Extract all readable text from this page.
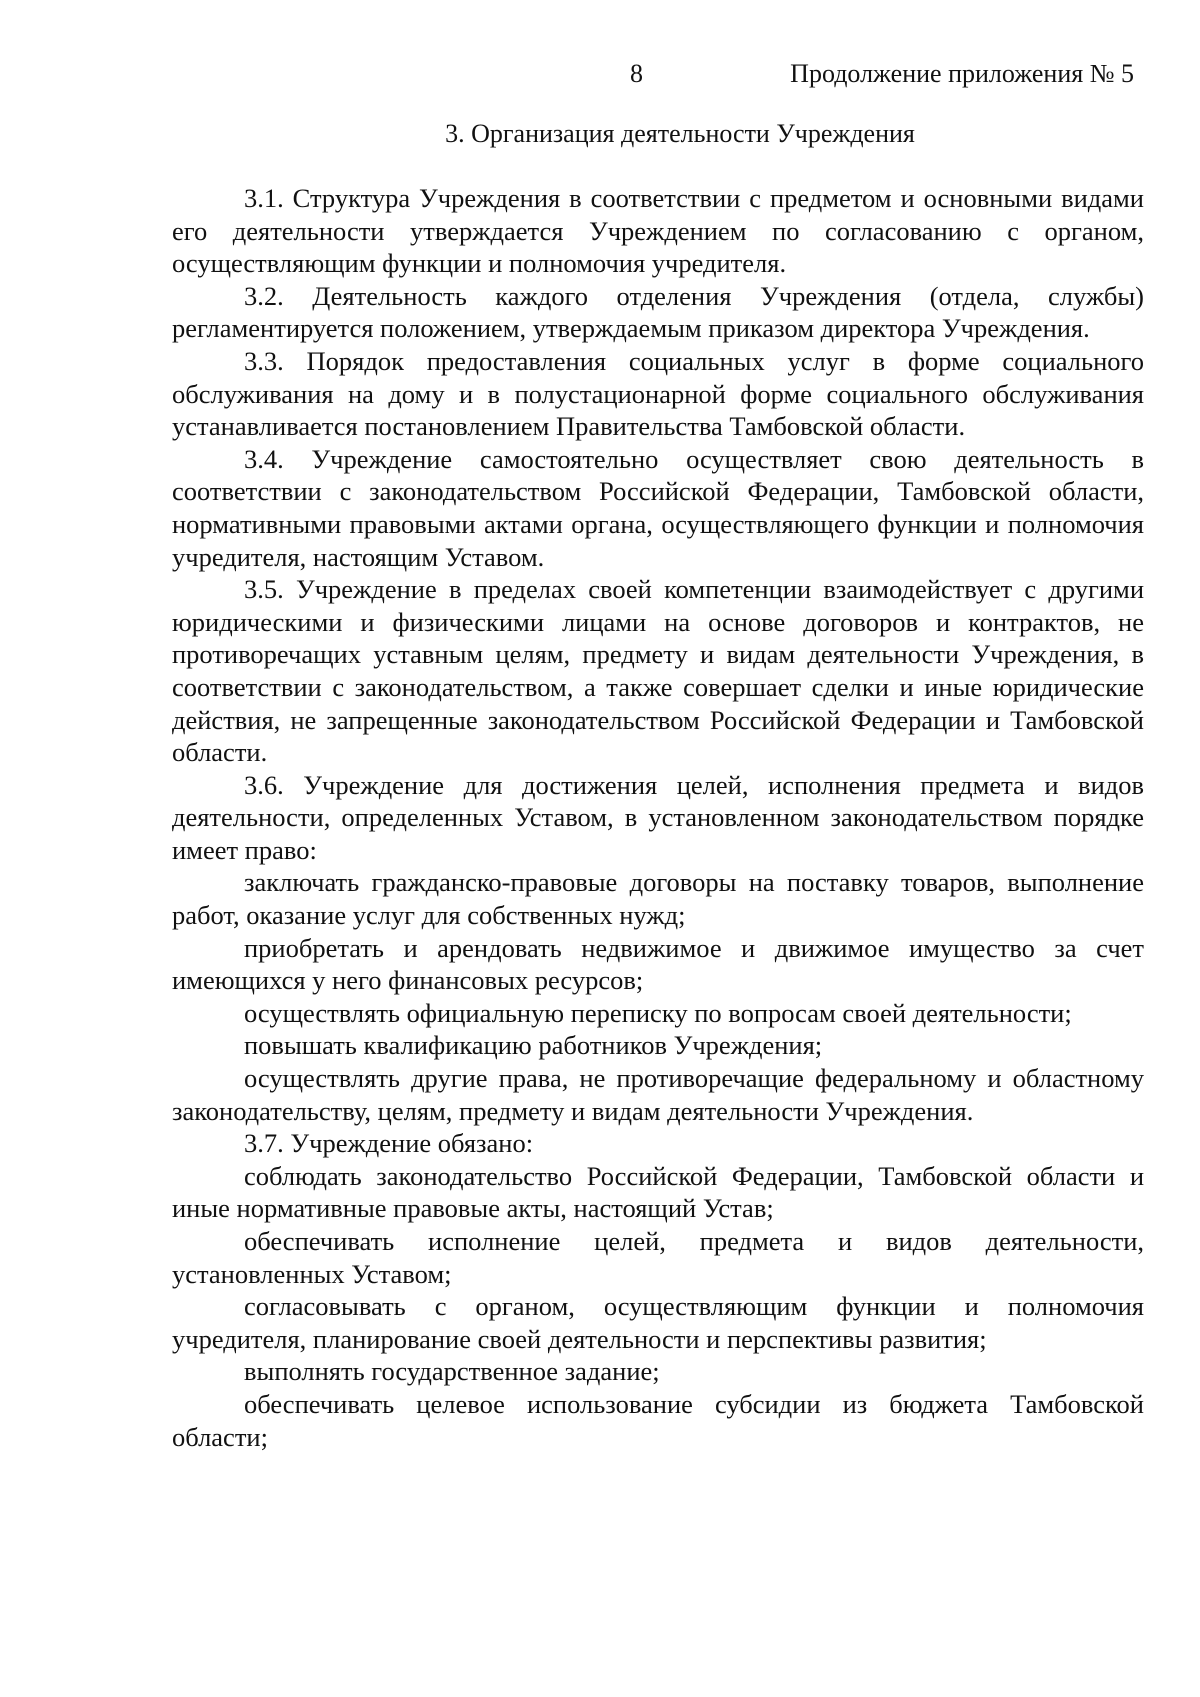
8	Продолжение приложения № 5
3. Организация деятельности Учреждения

3.1. Структура Учреждения в соответствии с предметом и основными видами его деятельности утверждается Учреждением по согласованию с органом, осуществляющим функции и полномочия учредителя.

3.2. Деятельность каждого отделения Учреждения (отдела, службы) регламентируется положением, утверждаемым приказом директора Учреждения.

3.3. Порядок предоставления социальных услуг в форме социального обслуживания на дому и в полустационарной форме социального обслуживания устанавливается постановлением Правительства Тамбовской области.

3.4. Учреждение самостоятельно осуществляет свою деятельность в соответствии с законодательством Российской Федерации, Тамбовской области, нормативными правовыми актами органа, осуществляющего функции и полномочия учредителя, настоящим Уставом.

3.5. Учреждение в пределах своей компетенции взаимодействует с другими юридическими и физическими лицами на основе договоров и контрактов, не противоречащих уставным целям, предмету и видам деятельности Учреждения, в соответствии с законодательством, а также совершает сделки и иные юридические действия, не запрещенные законодательством Российской Федерации и Тамбовской области.

3.6. Учреждение для достижения целей, исполнения предмета и видов деятельности, определенных Уставом, в установленном законодательством порядке имеет право:

заключать гражданско-правовые договоры на поставку товаров, выполнение работ, оказание услуг для собственных нужд;

приобретать и арендовать недвижимое и движимое имущество за счет имеющихся у него финансовых ресурсов;

осуществлять официальную переписку по вопросам своей деятельности;

повышать квалификацию работников Учреждения;

осуществлять другие права, не противоречащие федеральному и областному законодательству, целям, предмету и видам деятельности Учреждения.

3.7. Учреждение обязано:

соблюдать законодательство Российской Федерации, Тамбовской области и иные нормативные правовые акты, настоящий Устав;

обеспечивать исполнение целей, предмета и видов деятельности, установленных Уставом;

согласовывать с органом, осуществляющим функции и полномочия учредителя, планирование своей деятельности и перспективы развития;

выполнять государственное задание;

обеспечивать целевое использование субсидии из бюджета Тамбовской области;
